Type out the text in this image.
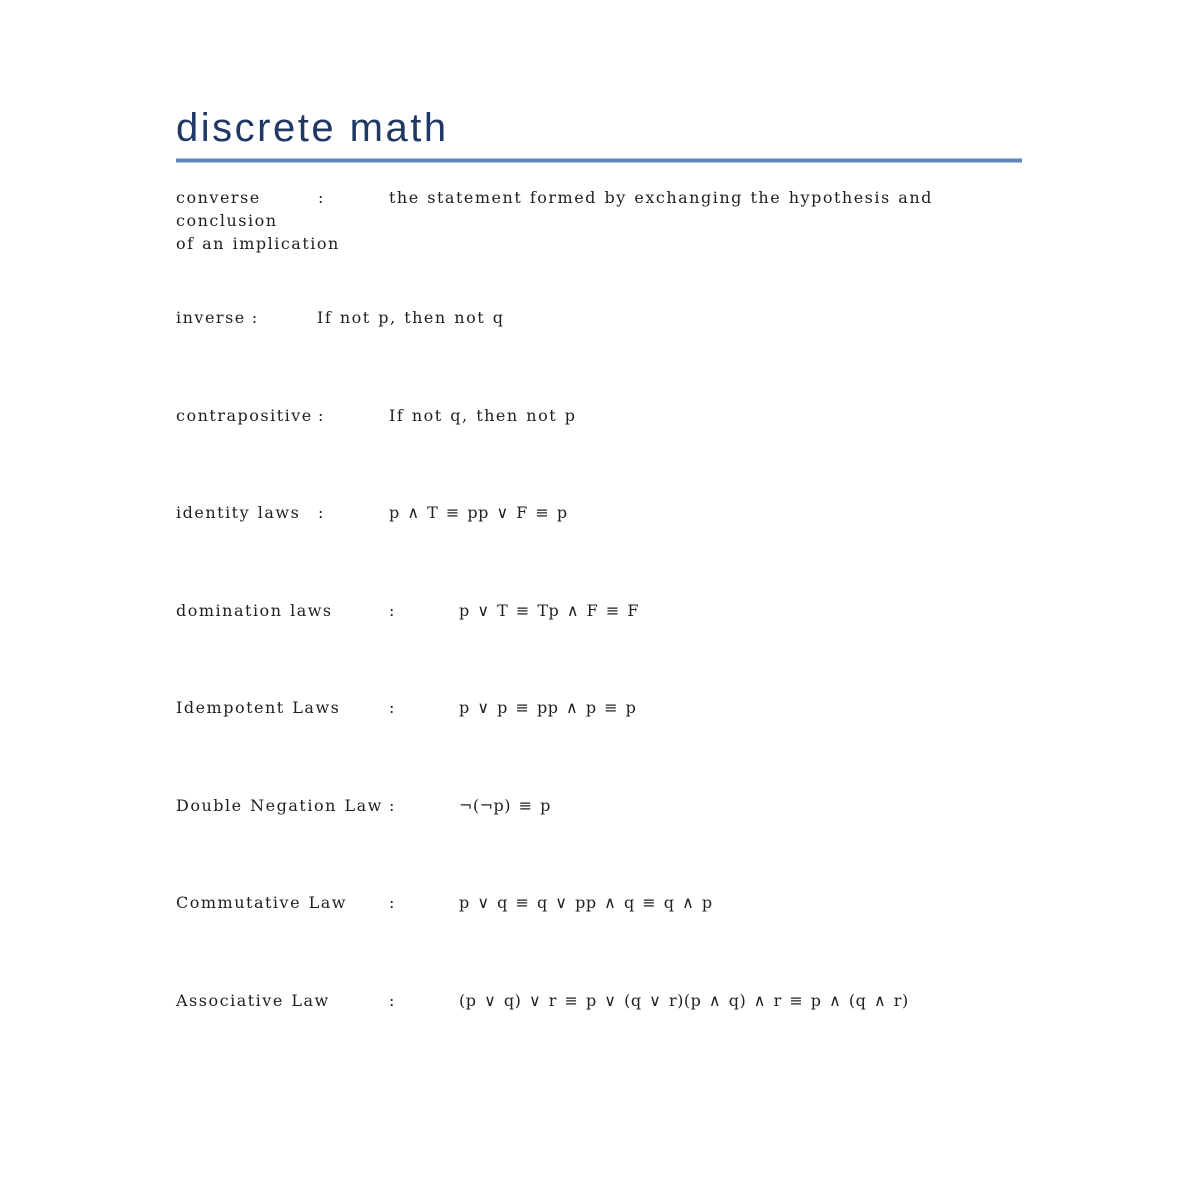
discrete math
converse	:	the statement formed by exchanging the hypothesis and conclusion
of an implication
inverse :	If not p, then not q
contrapositive :	If not q, then not p
identity laws :	p ∧ T ≡ pp ∨ F ≡ p
domination laws	:	p ∨ T ≡ Tp ∧ F ≡ F
Idempotent Laws	:	p ∨ p ≡ pp ∧ p ≡ p
Double Negation Law :	¬(¬p) ≡ p
Commutative Law	:	p ∨ q ≡ q ∨ pp ∧ q ≡ q ∧ p
Associative Law	:	(p ∨ q) ∨ r ≡ p ∨ (q ∨ r)(p ∧ q) ∧ r ≡ p ∧ (q ∧ r)
